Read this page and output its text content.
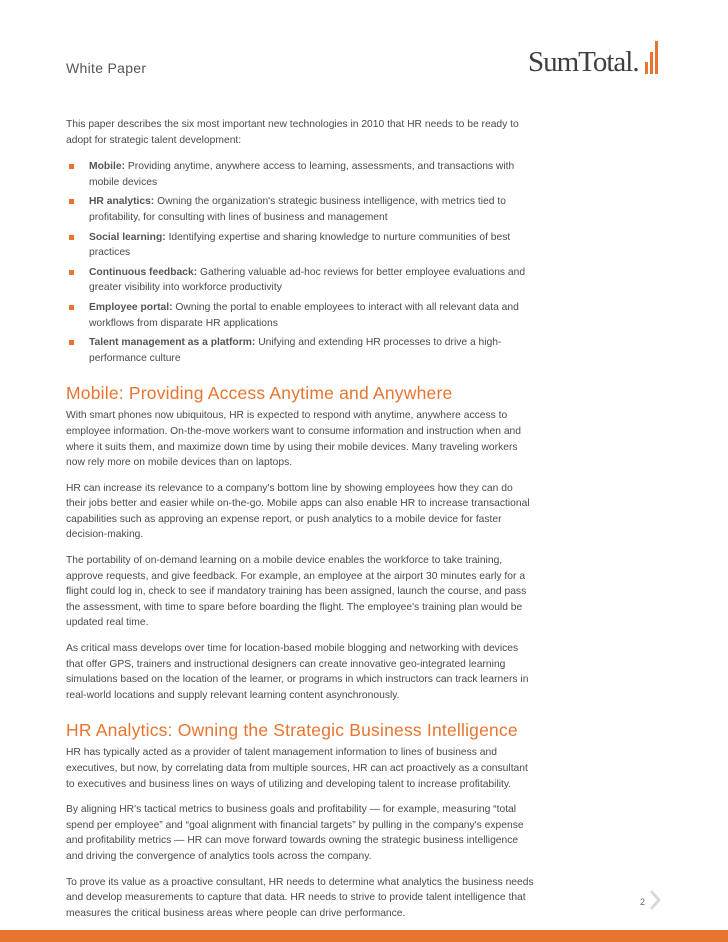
White Paper	SumTotal.

This paper describes the six most important new technologies in 2010 that HR needs to be ready to adopt for strategic talent development:

Mobile: Providing anytime, anywhere access to learning, assessments, and transactions with mobile devices
HR analytics: Owning the organization's strategic business intelligence, with metrics tied to profitability, for consulting with lines of business and management
Social learning: Identifying expertise and sharing knowledge to nurture communities of best practices
Continuous feedback: Gathering valuable ad-hoc reviews for better employee evaluations and greater visibility into workforce productivity
Employee portal: Owning the portal to enable employees to interact with all relevant data and workflows from disparate HR applications
Talent management as a platform: Unifying and extending HR processes to drive a high-performance culture
Mobile: Providing Access Anytime and Anywhere

With smart phones now ubiquitous, HR is expected to respond with anytime, anywhere access to employee information. On-the-move workers want to consume information and instruction when and where it suits them, and maximize down time by using their mobile devices. Many traveling workers now rely more on mobile devices than on laptops.

HR can increase its relevance to a company's bottom line by showing employees how they can do their jobs better and easier while on-the-go. Mobile apps can also enable HR to increase transactional capabilities such as approving an expense report, or push analytics to a mobile device for faster decision-making.

The portability of on-demand learning on a mobile device enables the workforce to take training, approve requests, and give feedback. For example, an employee at the airport 30 minutes early for a flight could log in, check to see if mandatory training has been assigned, launch the course, and pass the assessment, with time to spare before boarding the flight. The employee's training plan would be updated real time.

As critical mass develops over time for location-based mobile blogging and networking with devices that offer GPS, trainers and instructional designers can create innovative geo-integrated learning simulations based on the location of the learner, or programs in which instructors can track learners in real-world locations and supply relevant learning content asynchronously.

HR Analytics: Owning the Strategic Business Intelligence

HR has typically acted as a provider of talent management information to lines of business and executives, but now, by correlating data from multiple sources, HR can act proactively as a consultant to executives and business lines on ways of utilizing and developing talent to increase profitability.

By aligning HR's tactical metrics to business goals and profitability — for example, measuring “total spend per employee” and “goal alignment with financial targets” by pulling in the company's expense and profitability metrics — HR can move forward towards owning the strategic business intelligence and driving the convergence of analytics tools across the company.

To prove its value as a proactive consultant, HR needs to determine what analytics the business needs and develop measurements to capture that data. HR needs to strive to provide talent intelligence that measures the critical business areas where people can drive performance.

2
